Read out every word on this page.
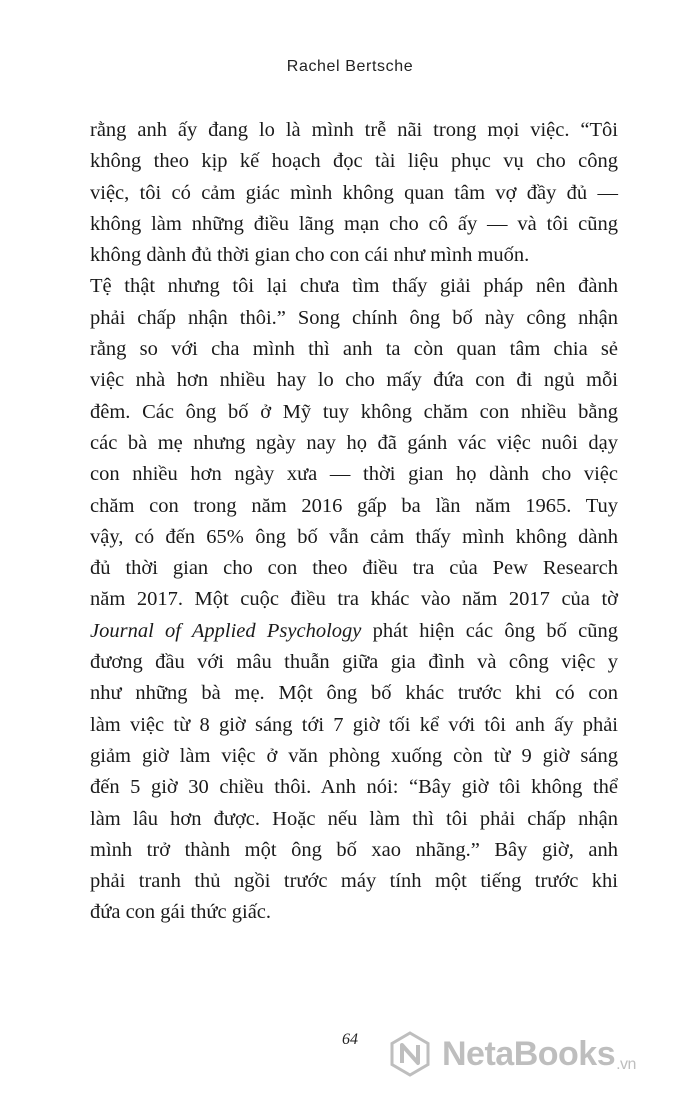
Rachel Bertsche
rằng anh ấy đang lo là mình trễ nãi trong mọi việc. “Tôi
không theo kịp kế hoạch đọc tài liệu phục vụ cho công
việc, tôi có cảm giác mình không quan tâm vợ đầy đủ —
không làm những điều lãng mạn cho cô ấy — và tôi cũng
không dành đủ thời gian cho con cái như mình muốn.
Tệ thật nhưng tôi lại chưa tìm thấy giải pháp nên đành
phải chấp nhận thôi.” Song chính ông bố này công nhận
rằng so với cha mình thì anh ta còn quan tâm chia sẻ
việc nhà hơn nhiều hay lo cho mấy đứa con đi ngủ mỗi
đêm. Các ông bố ở Mỹ tuy không chăm con nhiều bằng
các bà mẹ nhưng ngày nay họ đã gánh vác việc nuôi dạy
con nhiều hơn ngày xưa — thời gian họ dành cho việc
chăm con trong năm 2016 gấp ba lần năm 1965. Tuy
vậy, có đến 65% ông bố vẫn cảm thấy mình không dành
đủ thời gian cho con theo điều tra của Pew Research
năm 2017. Một cuộc điều tra khác vào năm 2017 của tờ
Journal of Applied Psychology phát hiện các ông bố cũng
đương đầu với mâu thuẫn giữa gia đình và công việc y
như những bà mẹ. Một ông bố khác trước khi có con
làm việc từ 8 giờ sáng tới 7 giờ tối kể với tôi anh ấy phải
giảm giờ làm việc ở văn phòng xuống còn từ 9 giờ sáng
đến 5 giờ 30 chiều thôi. Anh nói: “Bây giờ tôi không thể
làm lâu hơn được. Hoặc nếu làm thì tôi phải chấp nhận
mình trở thành một ông bố xao nhãng.” Bây giờ, anh
phải tranh thủ ngồi trước máy tính một tiếng trước khi
đứa con gái thức giấc.
64	NetaBooks.vn
